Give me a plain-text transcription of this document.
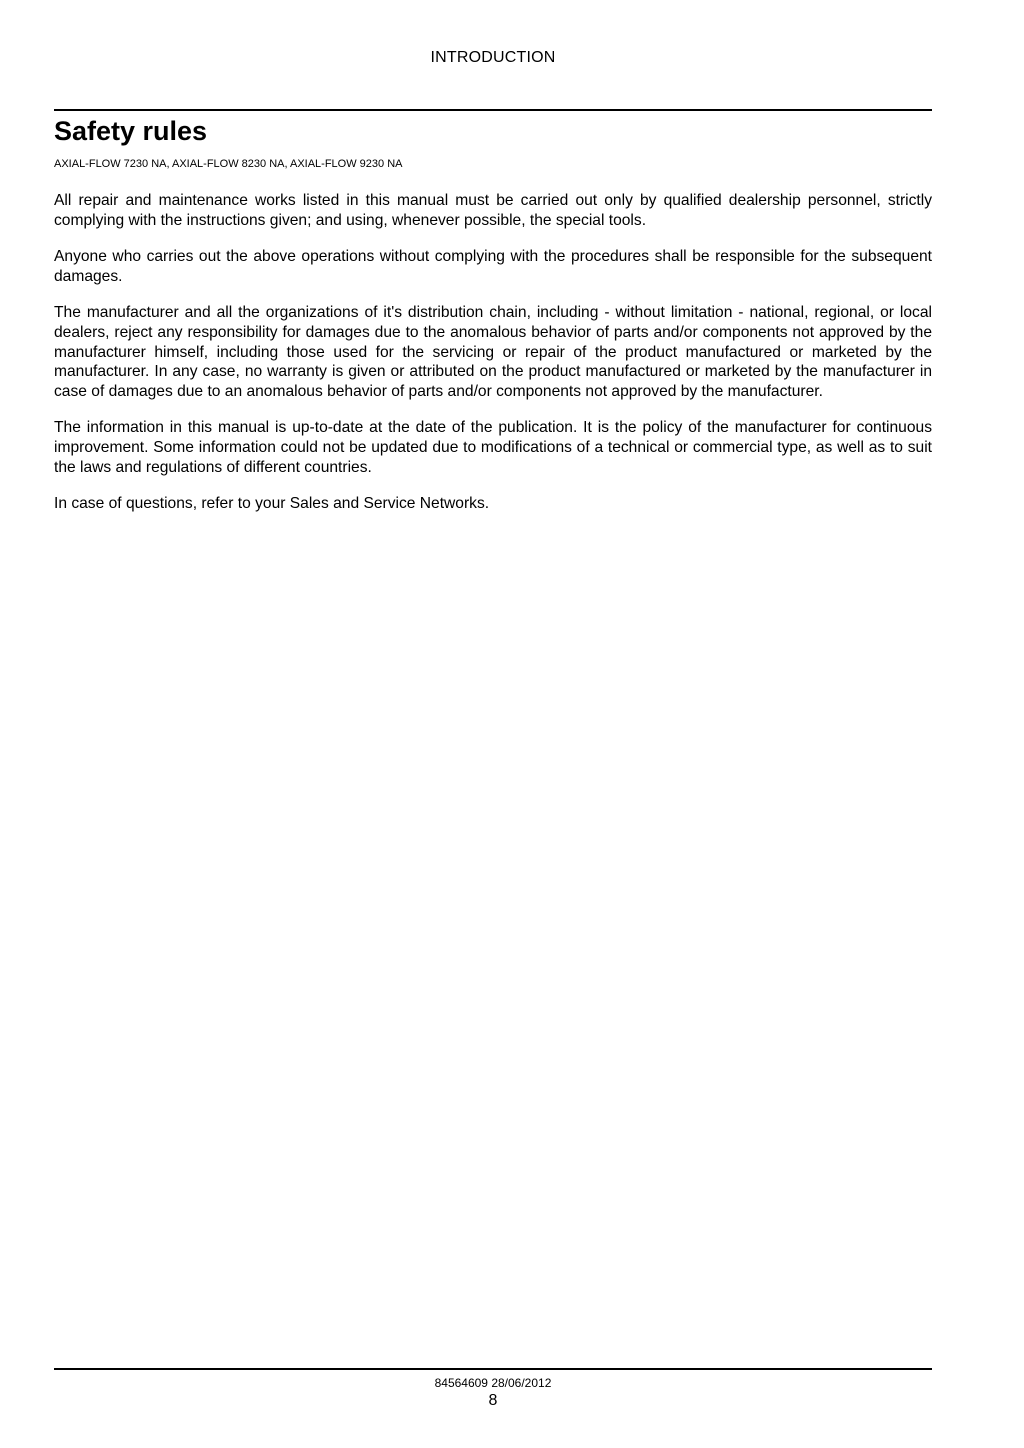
INTRODUCTION
Safety rules
AXIAL-FLOW 7230 NA, AXIAL-FLOW 8230 NA, AXIAL-FLOW 9230 NA

All repair and maintenance works listed in this manual must be carried out only by qualified dealership personnel, strictly complying with the instructions given; and using, whenever possible, the special tools.

Anyone who carries out the above operations without complying with the procedures shall be responsible for the subsequent damages.

The manufacturer and all the organizations of it's distribution chain, including - without limitation - national, regional, or local dealers, reject any responsibility for damages due to the anomalous behavior of parts and/or components not approved by the manufacturer himself, including those used for the servicing or repair of the product manufactured or marketed by the manufacturer. In any case, no warranty is given or attributed on the product manufactured or marketed by the manufacturer in case of damages due to an anomalous behavior of parts and/or components not approved by the manufacturer.

The information in this manual is up-to-date at the date of the publication. It is the policy of the manufacturer for continuous improvement. Some information could not be updated due to modifications of a technical or commercial type, as well as to suit the laws and regulations of different countries.

In case of questions, refer to your Sales and Service Networks.

84564609 28/06/2012
8
